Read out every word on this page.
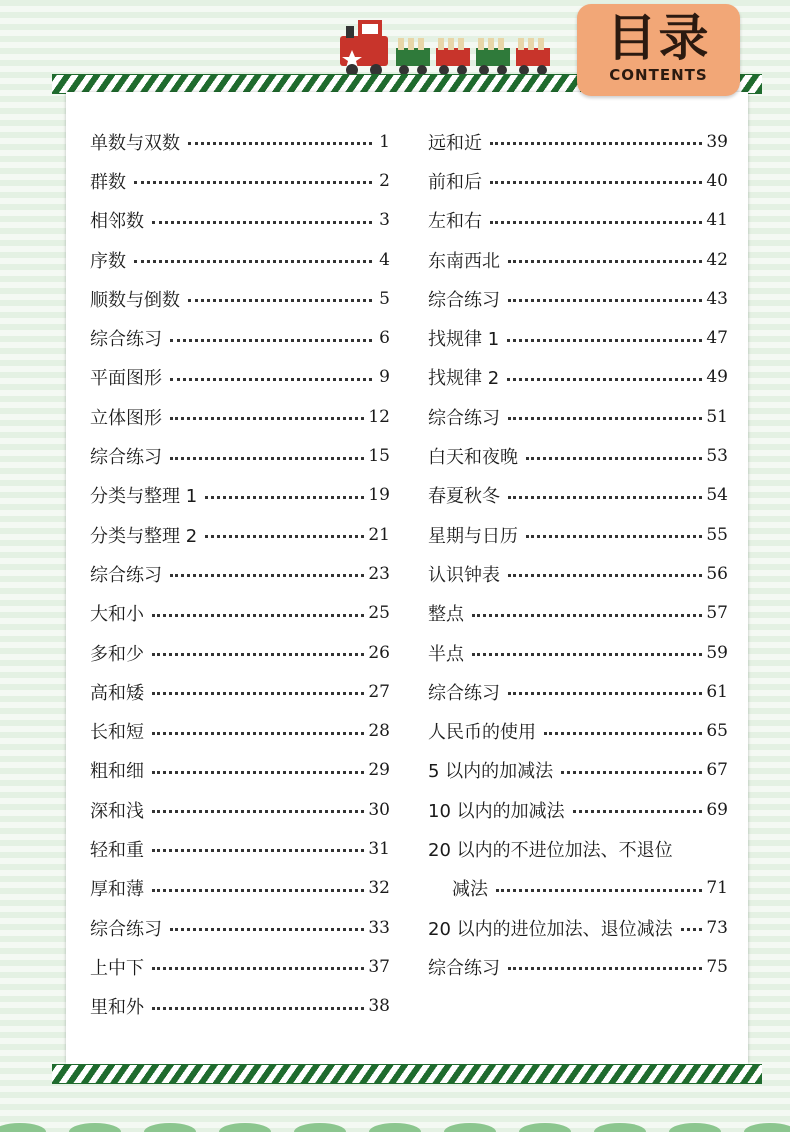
目录
CONTENTS
单数与双数	1
群数	2
相邻数	3
序数	4
顺数与倒数	5
综合练习	6
平面图形	9
立体图形	12
综合练习	15
分类与整理 1	19
分类与整理 2	21
综合练习	23
大和小	25
多和少	26
高和矮	27
长和短	28
粗和细	29
深和浅	30
轻和重	31
厚和薄	32
综合练习	33
上中下	37
里和外	38
远和近	39
前和后	40
左和右	41
东南西北	42
综合练习	43
找规律 1	47
找规律 2	49
综合练习	51
白天和夜晚	53
春夏秋冬	54
星期与日历	55
认识钟表	56
整点	57
半点	59
综合练习	61
人民币的使用	65
5 以内的加减法	67
10 以内的加减法	69
20 以内的不进位加法、不退位
减法	71
20 以内的进位加法、退位减法 73
综合练习	75
